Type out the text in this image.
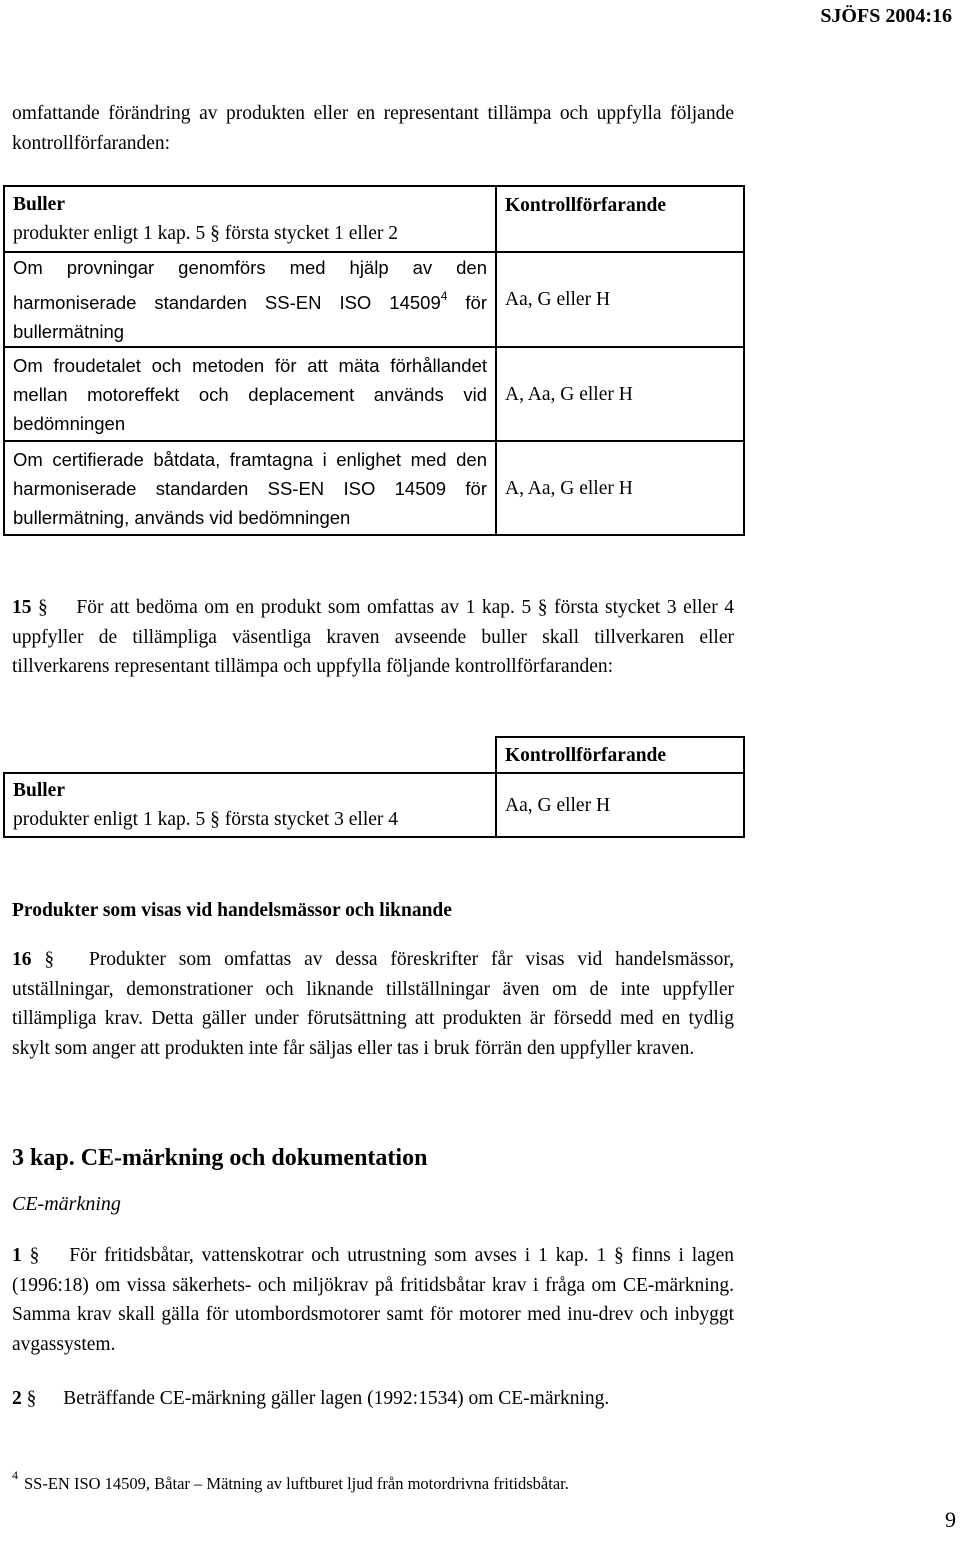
SJÖFS 2004:16
omfattande förändring av produkten eller en representant tillämpa och uppfylla följande kontrollförfaranden:
Buller
produkter enligt 1 kap. 5 § första stycket 1 eller 2	Kontrollförfarande
Om provningar genomförs med hjälp av den harmoniserade standarden SS-EN ISO 14509$^4$ för bullermätning	Aa, G eller H
Om froudetalet och metoden för att mäta förhållandet mellan motoreffekt och deplacement används vid bedömningen	A, Aa, G eller H
Om certifierade båtdata, framtagna i enlighet med den harmoniserade standarden SS-EN ISO 14509 för bullermätning, används vid bedömningen	A, Aa, G eller H
15 § För att bedöma om en produkt som omfattas av 1 kap. 5 § första stycket 3 eller 4 uppfyller de tillämpliga väsentliga kraven avseende buller skall tillverkaren eller tillverkarens representant tillämpa och uppfylla följande kontrollförfaranden:
	Kontrollförfarande

Buller
produkter enligt 1 kap. 5 § första stycket 3 eller 4	Aa, G eller H
Produkter som visas vid handelsmässor och liknande
16 § Produkter som omfattas av dessa föreskrifter får visas vid handelsmässor, utställningar, demonstrationer och liknande tillställningar även om de inte uppfyller tillämpliga krav. Detta gäller under förutsättning att produkten är försedd med en tydlig skylt som anger att produkten inte får säljas eller tas i bruk förrän den uppfyller kraven.
3 kap. CE-märkning och dokumentation
CE-märkning
1 § För fritidsbåtar, vattenskotrar och utrustning som avses i 1 kap. 1 § finns i lagen (1996:18) om vissa säkerhets- och miljökrav på fritidsbåtar krav i fråga om CE-märkning. Samma krav skall gälla för utombordsmotorer samt för motorer med inu-drev och inbyggt avgassystem.
2 § Beträffande CE-märkning gäller lagen (1992:1534) om CE-märkning.
$^4$ SS-EN ISO 14509, Båtar – Mätning av luftburet ljud från motordrivna fritidsbåtar.
9
